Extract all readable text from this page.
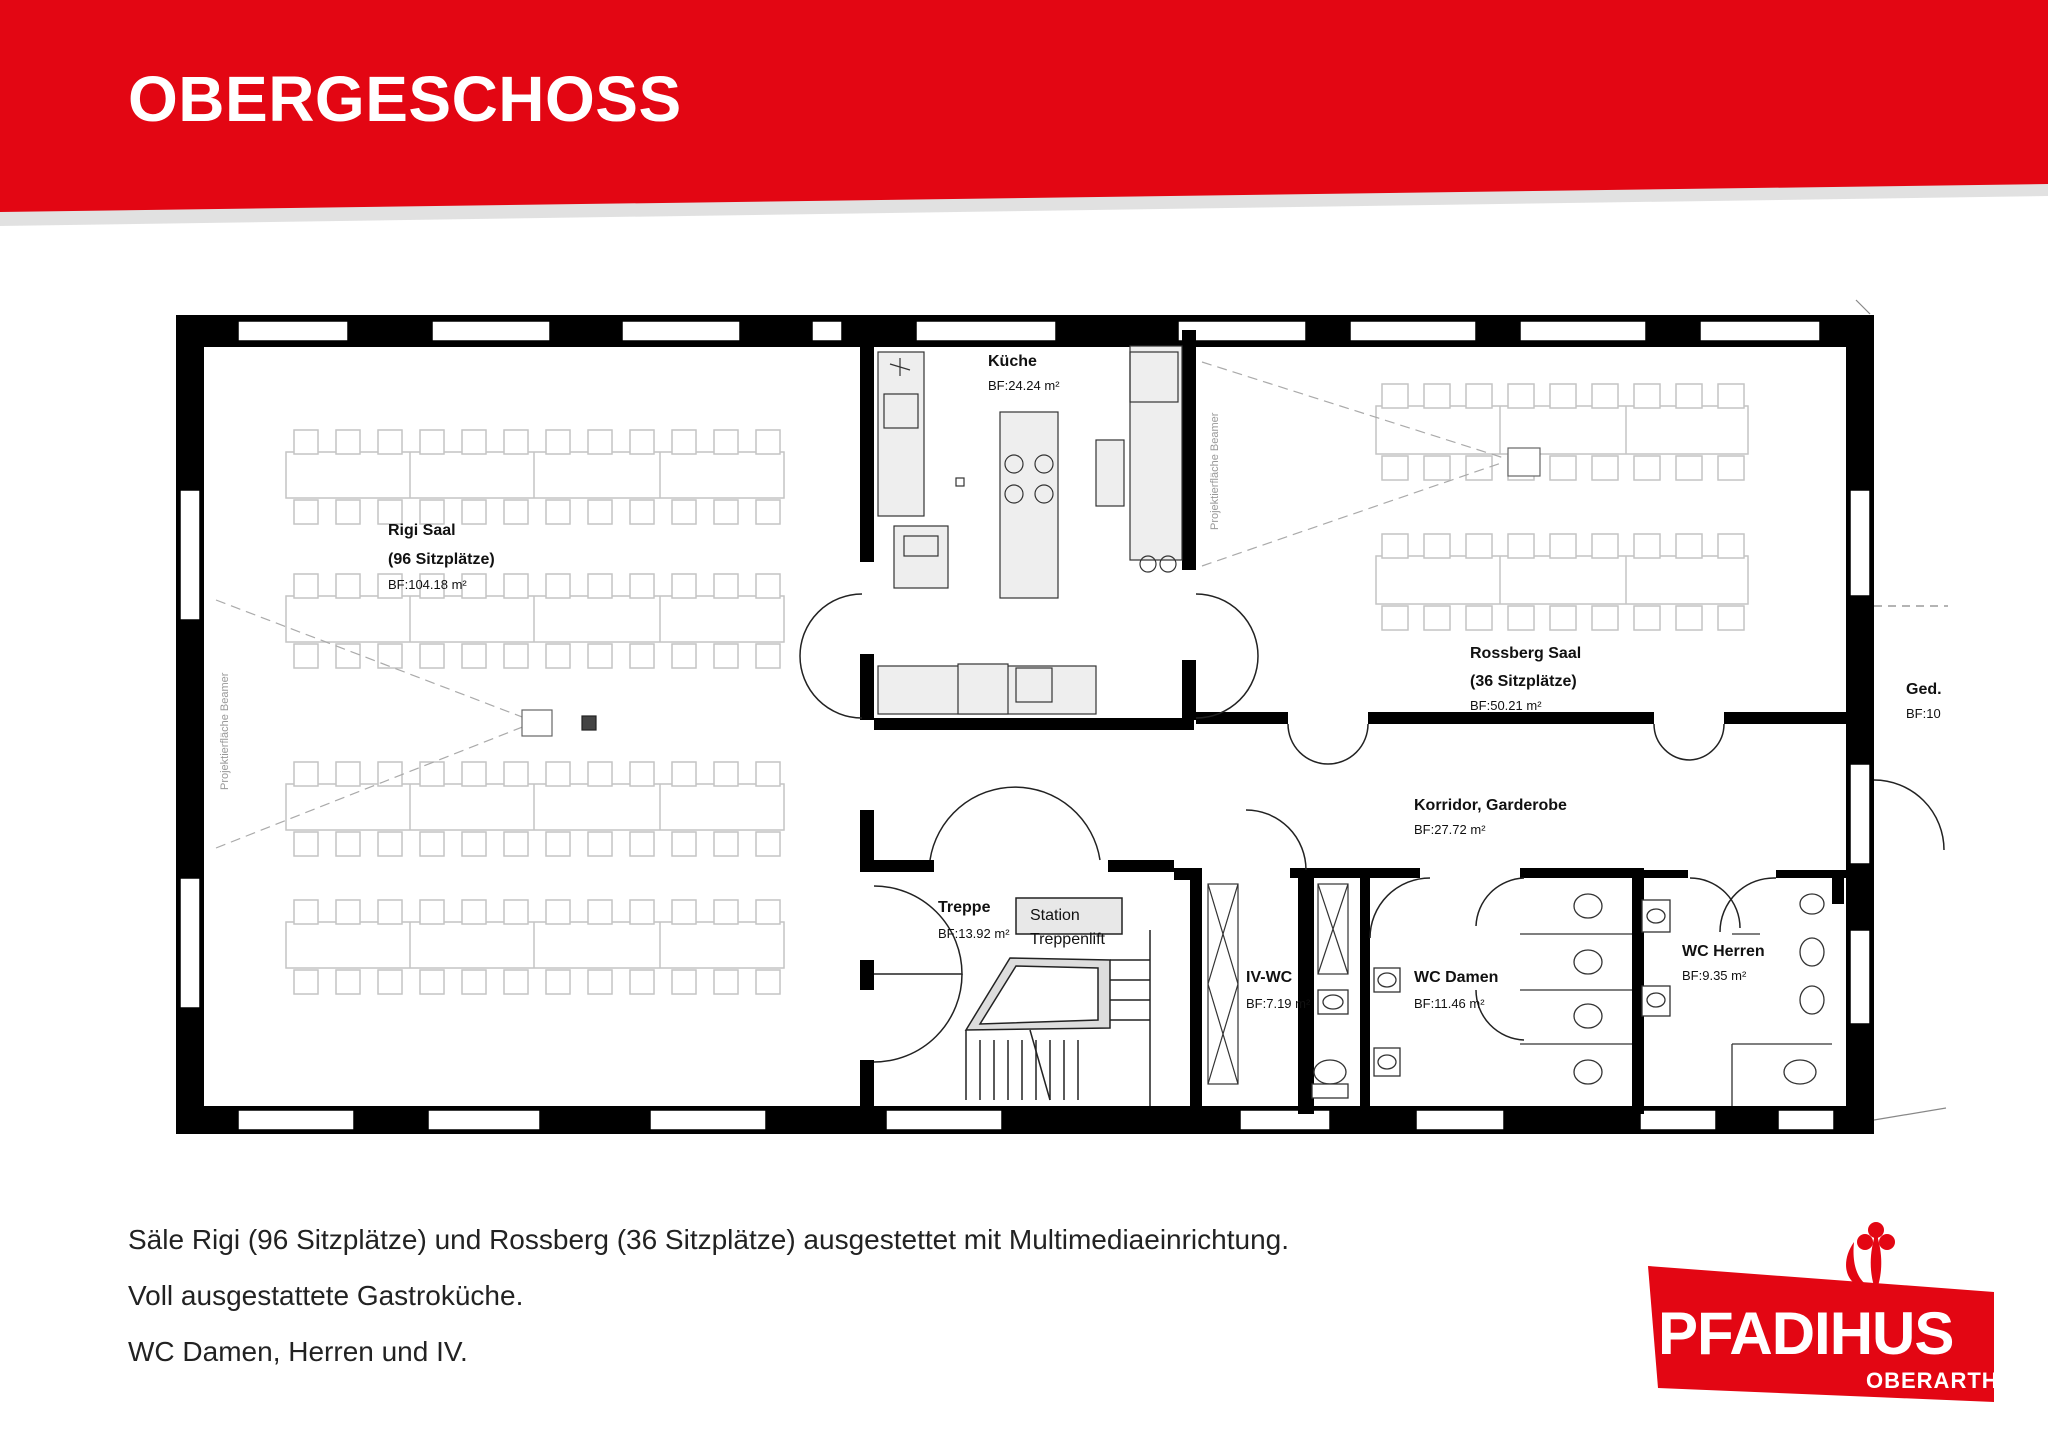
OBERGESCHOSS
Rigi Saal
(96 Sitzplätze)
BF:104.18 m²
Küche
BF:24.24 m²
Rossberg Saal
(36 Sitzplätze)
BF:50.21 m²
Ged.
BF:10
Korridor, Garderobe
BF:27.72 m²
Treppe
BF:13.92 m²
Station
Treppenlift
IV-WC
BF:7.19 m²
WC Damen
BF:11.46 m²
WC Herren
BF:9.35 m²
Projektierfläche Beamer
Projektierfläche Beamer

Säle Rigi (96 Sitzplätze) und Rossberg (36 Sitzplätze) ausgestettet mit Multimediaeinrichtung.

Voll ausgestattete Gastroküche.

WC Damen, Herren und IV.	PFADIHUS
OBERARTH
